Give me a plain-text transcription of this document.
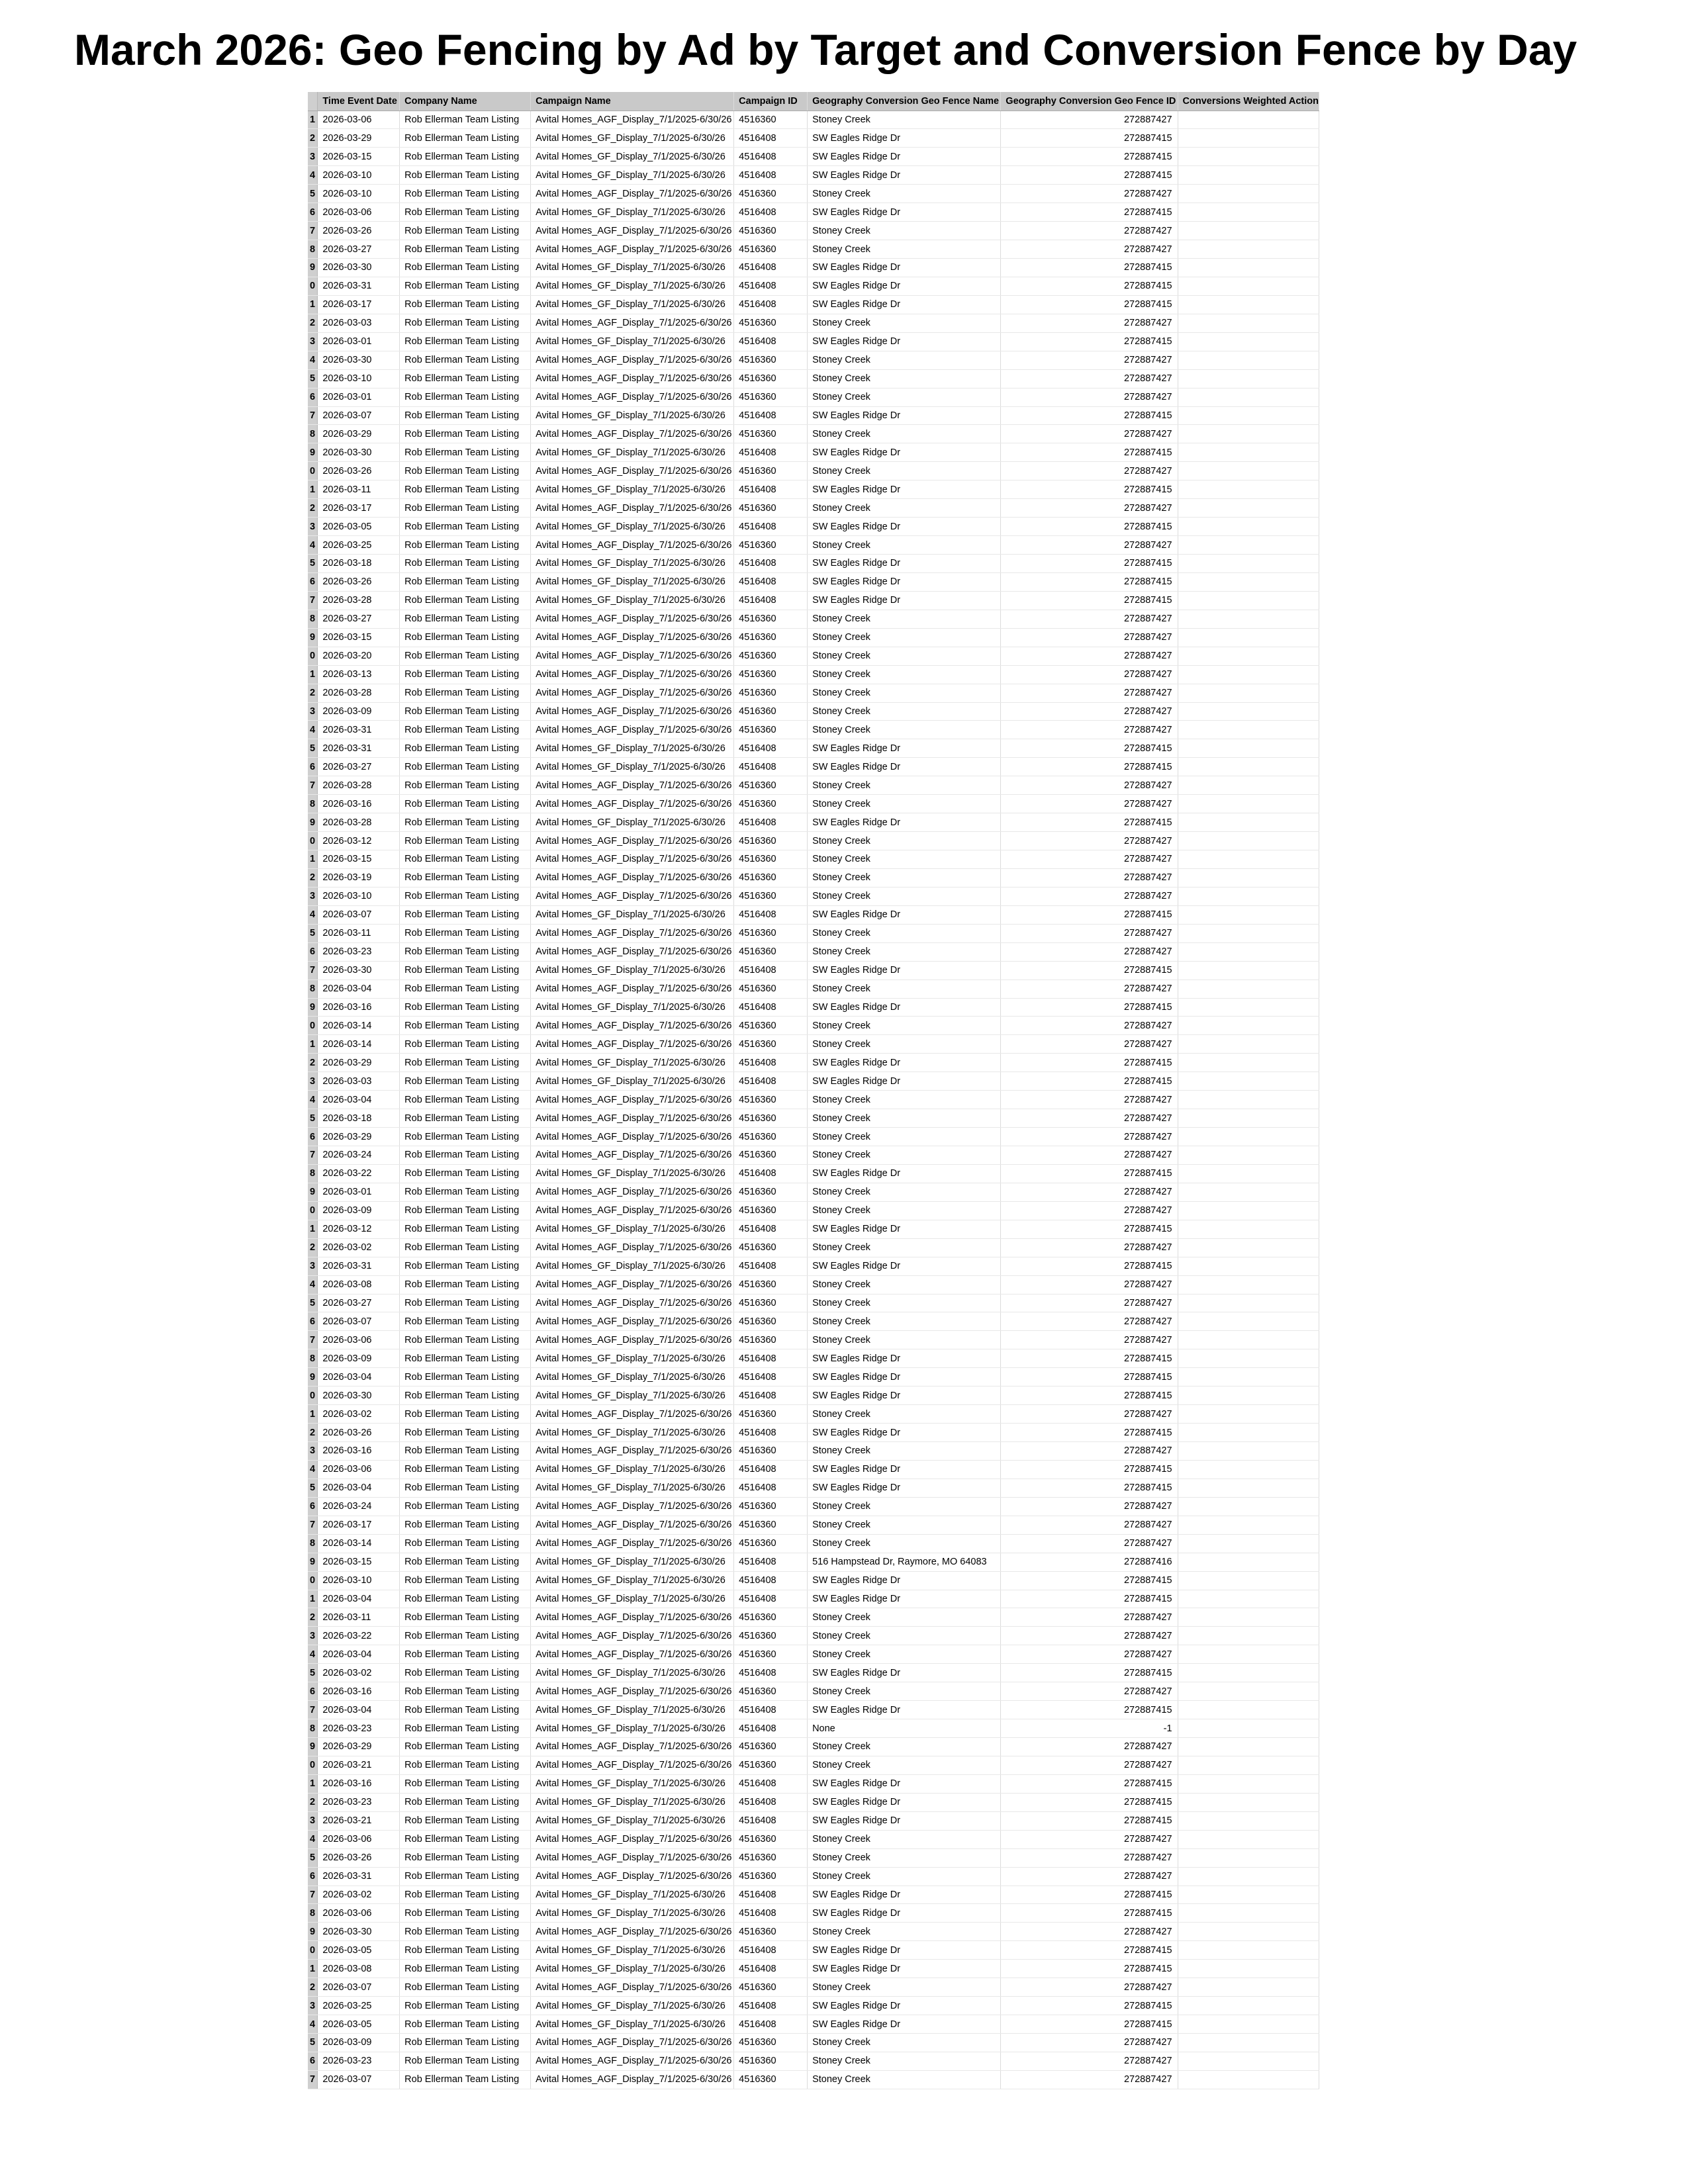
March 2026: Geo Fencing by Ad by Target and Conversion Fence by Day
	Time Event Date	Company Name	Campaign Name	Campaign ID	Geography Conversion Geo Fence Name	Geography Conversion Geo Fence ID	Conversions Weighted Action
1	2026-03-06	Rob Ellerman Team Listing	Avital Homes_AGF_Display_7/1/2025-6/30/26	4516360	Stoney Creek	272887427	
2	2026-03-29	Rob Ellerman Team Listing	Avital Homes_GF_Display_7/1/2025-6/30/26	4516408	SW Eagles Ridge Dr	272887415	
3	2026-03-15	Rob Ellerman Team Listing	Avital Homes_GF_Display_7/1/2025-6/30/26	4516408	SW Eagles Ridge Dr	272887415	
4	2026-03-10	Rob Ellerman Team Listing	Avital Homes_GF_Display_7/1/2025-6/30/26	4516408	SW Eagles Ridge Dr	272887415	
5	2026-03-10	Rob Ellerman Team Listing	Avital Homes_AGF_Display_7/1/2025-6/30/26	4516360	Stoney Creek	272887427	
6	2026-03-06	Rob Ellerman Team Listing	Avital Homes_GF_Display_7/1/2025-6/30/26	4516408	SW Eagles Ridge Dr	272887415	
7	2026-03-26	Rob Ellerman Team Listing	Avital Homes_AGF_Display_7/1/2025-6/30/26	4516360	Stoney Creek	272887427	
8	2026-03-27	Rob Ellerman Team Listing	Avital Homes_AGF_Display_7/1/2025-6/30/26	4516360	Stoney Creek	272887427	
9	2026-03-30	Rob Ellerman Team Listing	Avital Homes_GF_Display_7/1/2025-6/30/26	4516408	SW Eagles Ridge Dr	272887415	
0	2026-03-31	Rob Ellerman Team Listing	Avital Homes_GF_Display_7/1/2025-6/30/26	4516408	SW Eagles Ridge Dr	272887415	
1	2026-03-17	Rob Ellerman Team Listing	Avital Homes_GF_Display_7/1/2025-6/30/26	4516408	SW Eagles Ridge Dr	272887415	
2	2026-03-03	Rob Ellerman Team Listing	Avital Homes_AGF_Display_7/1/2025-6/30/26	4516360	Stoney Creek	272887427	
3	2026-03-01	Rob Ellerman Team Listing	Avital Homes_GF_Display_7/1/2025-6/30/26	4516408	SW Eagles Ridge Dr	272887415	
4	2026-03-30	Rob Ellerman Team Listing	Avital Homes_AGF_Display_7/1/2025-6/30/26	4516360	Stoney Creek	272887427	
5	2026-03-10	Rob Ellerman Team Listing	Avital Homes_AGF_Display_7/1/2025-6/30/26	4516360	Stoney Creek	272887427	
6	2026-03-01	Rob Ellerman Team Listing	Avital Homes_AGF_Display_7/1/2025-6/30/26	4516360	Stoney Creek	272887427	
7	2026-03-07	Rob Ellerman Team Listing	Avital Homes_GF_Display_7/1/2025-6/30/26	4516408	SW Eagles Ridge Dr	272887415	
8	2026-03-29	Rob Ellerman Team Listing	Avital Homes_AGF_Display_7/1/2025-6/30/26	4516360	Stoney Creek	272887427	
9	2026-03-30	Rob Ellerman Team Listing	Avital Homes_GF_Display_7/1/2025-6/30/26	4516408	SW Eagles Ridge Dr	272887415	
0	2026-03-26	Rob Ellerman Team Listing	Avital Homes_AGF_Display_7/1/2025-6/30/26	4516360	Stoney Creek	272887427	
1	2026-03-11	Rob Ellerman Team Listing	Avital Homes_GF_Display_7/1/2025-6/30/26	4516408	SW Eagles Ridge Dr	272887415	
2	2026-03-17	Rob Ellerman Team Listing	Avital Homes_AGF_Display_7/1/2025-6/30/26	4516360	Stoney Creek	272887427	
3	2026-03-05	Rob Ellerman Team Listing	Avital Homes_GF_Display_7/1/2025-6/30/26	4516408	SW Eagles Ridge Dr	272887415	
4	2026-03-25	Rob Ellerman Team Listing	Avital Homes_AGF_Display_7/1/2025-6/30/26	4516360	Stoney Creek	272887427	
5	2026-03-18	Rob Ellerman Team Listing	Avital Homes_GF_Display_7/1/2025-6/30/26	4516408	SW Eagles Ridge Dr	272887415	
6	2026-03-26	Rob Ellerman Team Listing	Avital Homes_GF_Display_7/1/2025-6/30/26	4516408	SW Eagles Ridge Dr	272887415	
7	2026-03-28	Rob Ellerman Team Listing	Avital Homes_GF_Display_7/1/2025-6/30/26	4516408	SW Eagles Ridge Dr	272887415	
8	2026-03-27	Rob Ellerman Team Listing	Avital Homes_AGF_Display_7/1/2025-6/30/26	4516360	Stoney Creek	272887427	
9	2026-03-15	Rob Ellerman Team Listing	Avital Homes_AGF_Display_7/1/2025-6/30/26	4516360	Stoney Creek	272887427	
0	2026-03-20	Rob Ellerman Team Listing	Avital Homes_AGF_Display_7/1/2025-6/30/26	4516360	Stoney Creek	272887427	
1	2026-03-13	Rob Ellerman Team Listing	Avital Homes_AGF_Display_7/1/2025-6/30/26	4516360	Stoney Creek	272887427	
2	2026-03-28	Rob Ellerman Team Listing	Avital Homes_AGF_Display_7/1/2025-6/30/26	4516360	Stoney Creek	272887427	
3	2026-03-09	Rob Ellerman Team Listing	Avital Homes_AGF_Display_7/1/2025-6/30/26	4516360	Stoney Creek	272887427	
4	2026-03-31	Rob Ellerman Team Listing	Avital Homes_AGF_Display_7/1/2025-6/30/26	4516360	Stoney Creek	272887427	
5	2026-03-31	Rob Ellerman Team Listing	Avital Homes_GF_Display_7/1/2025-6/30/26	4516408	SW Eagles Ridge Dr	272887415	
6	2026-03-27	Rob Ellerman Team Listing	Avital Homes_GF_Display_7/1/2025-6/30/26	4516408	SW Eagles Ridge Dr	272887415	
7	2026-03-28	Rob Ellerman Team Listing	Avital Homes_AGF_Display_7/1/2025-6/30/26	4516360	Stoney Creek	272887427	
8	2026-03-16	Rob Ellerman Team Listing	Avital Homes_AGF_Display_7/1/2025-6/30/26	4516360	Stoney Creek	272887427	
9	2026-03-28	Rob Ellerman Team Listing	Avital Homes_GF_Display_7/1/2025-6/30/26	4516408	SW Eagles Ridge Dr	272887415	
0	2026-03-12	Rob Ellerman Team Listing	Avital Homes_AGF_Display_7/1/2025-6/30/26	4516360	Stoney Creek	272887427	
1	2026-03-15	Rob Ellerman Team Listing	Avital Homes_AGF_Display_7/1/2025-6/30/26	4516360	Stoney Creek	272887427	
2	2026-03-19	Rob Ellerman Team Listing	Avital Homes_AGF_Display_7/1/2025-6/30/26	4516360	Stoney Creek	272887427	
3	2026-03-10	Rob Ellerman Team Listing	Avital Homes_AGF_Display_7/1/2025-6/30/26	4516360	Stoney Creek	272887427	
4	2026-03-07	Rob Ellerman Team Listing	Avital Homes_GF_Display_7/1/2025-6/30/26	4516408	SW Eagles Ridge Dr	272887415	
5	2026-03-11	Rob Ellerman Team Listing	Avital Homes_AGF_Display_7/1/2025-6/30/26	4516360	Stoney Creek	272887427	
6	2026-03-23	Rob Ellerman Team Listing	Avital Homes_AGF_Display_7/1/2025-6/30/26	4516360	Stoney Creek	272887427	
7	2026-03-30	Rob Ellerman Team Listing	Avital Homes_GF_Display_7/1/2025-6/30/26	4516408	SW Eagles Ridge Dr	272887415	
8	2026-03-04	Rob Ellerman Team Listing	Avital Homes_AGF_Display_7/1/2025-6/30/26	4516360	Stoney Creek	272887427	
9	2026-03-16	Rob Ellerman Team Listing	Avital Homes_GF_Display_7/1/2025-6/30/26	4516408	SW Eagles Ridge Dr	272887415	
0	2026-03-14	Rob Ellerman Team Listing	Avital Homes_AGF_Display_7/1/2025-6/30/26	4516360	Stoney Creek	272887427	
1	2026-03-14	Rob Ellerman Team Listing	Avital Homes_AGF_Display_7/1/2025-6/30/26	4516360	Stoney Creek	272887427	
2	2026-03-29	Rob Ellerman Team Listing	Avital Homes_GF_Display_7/1/2025-6/30/26	4516408	SW Eagles Ridge Dr	272887415	
3	2026-03-03	Rob Ellerman Team Listing	Avital Homes_GF_Display_7/1/2025-6/30/26	4516408	SW Eagles Ridge Dr	272887415	
4	2026-03-04	Rob Ellerman Team Listing	Avital Homes_AGF_Display_7/1/2025-6/30/26	4516360	Stoney Creek	272887427	
5	2026-03-18	Rob Ellerman Team Listing	Avital Homes_AGF_Display_7/1/2025-6/30/26	4516360	Stoney Creek	272887427	
6	2026-03-29	Rob Ellerman Team Listing	Avital Homes_AGF_Display_7/1/2025-6/30/26	4516360	Stoney Creek	272887427	
7	2026-03-24	Rob Ellerman Team Listing	Avital Homes_AGF_Display_7/1/2025-6/30/26	4516360	Stoney Creek	272887427	
8	2026-03-22	Rob Ellerman Team Listing	Avital Homes_GF_Display_7/1/2025-6/30/26	4516408	SW Eagles Ridge Dr	272887415	
9	2026-03-01	Rob Ellerman Team Listing	Avital Homes_AGF_Display_7/1/2025-6/30/26	4516360	Stoney Creek	272887427	
0	2026-03-09	Rob Ellerman Team Listing	Avital Homes_AGF_Display_7/1/2025-6/30/26	4516360	Stoney Creek	272887427	
1	2026-03-12	Rob Ellerman Team Listing	Avital Homes_GF_Display_7/1/2025-6/30/26	4516408	SW Eagles Ridge Dr	272887415	
2	2026-03-02	Rob Ellerman Team Listing	Avital Homes_AGF_Display_7/1/2025-6/30/26	4516360	Stoney Creek	272887427	
3	2026-03-31	Rob Ellerman Team Listing	Avital Homes_GF_Display_7/1/2025-6/30/26	4516408	SW Eagles Ridge Dr	272887415	
4	2026-03-08	Rob Ellerman Team Listing	Avital Homes_AGF_Display_7/1/2025-6/30/26	4516360	Stoney Creek	272887427	
5	2026-03-27	Rob Ellerman Team Listing	Avital Homes_AGF_Display_7/1/2025-6/30/26	4516360	Stoney Creek	272887427	
6	2026-03-07	Rob Ellerman Team Listing	Avital Homes_AGF_Display_7/1/2025-6/30/26	4516360	Stoney Creek	272887427	
7	2026-03-06	Rob Ellerman Team Listing	Avital Homes_AGF_Display_7/1/2025-6/30/26	4516360	Stoney Creek	272887427	
8	2026-03-09	Rob Ellerman Team Listing	Avital Homes_GF_Display_7/1/2025-6/30/26	4516408	SW Eagles Ridge Dr	272887415	
9	2026-03-04	Rob Ellerman Team Listing	Avital Homes_GF_Display_7/1/2025-6/30/26	4516408	SW Eagles Ridge Dr	272887415	
0	2026-03-30	Rob Ellerman Team Listing	Avital Homes_GF_Display_7/1/2025-6/30/26	4516408	SW Eagles Ridge Dr	272887415	
1	2026-03-02	Rob Ellerman Team Listing	Avital Homes_AGF_Display_7/1/2025-6/30/26	4516360	Stoney Creek	272887427	
2	2026-03-26	Rob Ellerman Team Listing	Avital Homes_GF_Display_7/1/2025-6/30/26	4516408	SW Eagles Ridge Dr	272887415	
3	2026-03-16	Rob Ellerman Team Listing	Avital Homes_AGF_Display_7/1/2025-6/30/26	4516360	Stoney Creek	272887427	
4	2026-03-06	Rob Ellerman Team Listing	Avital Homes_GF_Display_7/1/2025-6/30/26	4516408	SW Eagles Ridge Dr	272887415	
5	2026-03-04	Rob Ellerman Team Listing	Avital Homes_GF_Display_7/1/2025-6/30/26	4516408	SW Eagles Ridge Dr	272887415	
6	2026-03-24	Rob Ellerman Team Listing	Avital Homes_AGF_Display_7/1/2025-6/30/26	4516360	Stoney Creek	272887427	
7	2026-03-17	Rob Ellerman Team Listing	Avital Homes_AGF_Display_7/1/2025-6/30/26	4516360	Stoney Creek	272887427	
8	2026-03-14	Rob Ellerman Team Listing	Avital Homes_AGF_Display_7/1/2025-6/30/26	4516360	Stoney Creek	272887427	
9	2026-03-15	Rob Ellerman Team Listing	Avital Homes_GF_Display_7/1/2025-6/30/26	4516408	516 Hampstead Dr, Raymore, MO 64083	272887416	
0	2026-03-10	Rob Ellerman Team Listing	Avital Homes_GF_Display_7/1/2025-6/30/26	4516408	SW Eagles Ridge Dr	272887415	
1	2026-03-04	Rob Ellerman Team Listing	Avital Homes_GF_Display_7/1/2025-6/30/26	4516408	SW Eagles Ridge Dr	272887415	
2	2026-03-11	Rob Ellerman Team Listing	Avital Homes_AGF_Display_7/1/2025-6/30/26	4516360	Stoney Creek	272887427	
3	2026-03-22	Rob Ellerman Team Listing	Avital Homes_AGF_Display_7/1/2025-6/30/26	4516360	Stoney Creek	272887427	
4	2026-03-04	Rob Ellerman Team Listing	Avital Homes_AGF_Display_7/1/2025-6/30/26	4516360	Stoney Creek	272887427	
5	2026-03-02	Rob Ellerman Team Listing	Avital Homes_GF_Display_7/1/2025-6/30/26	4516408	SW Eagles Ridge Dr	272887415	
6	2026-03-16	Rob Ellerman Team Listing	Avital Homes_AGF_Display_7/1/2025-6/30/26	4516360	Stoney Creek	272887427	
7	2026-03-04	Rob Ellerman Team Listing	Avital Homes_GF_Display_7/1/2025-6/30/26	4516408	SW Eagles Ridge Dr	272887415	
8	2026-03-23	Rob Ellerman Team Listing	Avital Homes_GF_Display_7/1/2025-6/30/26	4516408	None	-1	
9	2026-03-29	Rob Ellerman Team Listing	Avital Homes_AGF_Display_7/1/2025-6/30/26	4516360	Stoney Creek	272887427	
0	2026-03-21	Rob Ellerman Team Listing	Avital Homes_AGF_Display_7/1/2025-6/30/26	4516360	Stoney Creek	272887427	
1	2026-03-16	Rob Ellerman Team Listing	Avital Homes_GF_Display_7/1/2025-6/30/26	4516408	SW Eagles Ridge Dr	272887415	
2	2026-03-23	Rob Ellerman Team Listing	Avital Homes_GF_Display_7/1/2025-6/30/26	4516408	SW Eagles Ridge Dr	272887415	
3	2026-03-21	Rob Ellerman Team Listing	Avital Homes_GF_Display_7/1/2025-6/30/26	4516408	SW Eagles Ridge Dr	272887415	
4	2026-03-06	Rob Ellerman Team Listing	Avital Homes_AGF_Display_7/1/2025-6/30/26	4516360	Stoney Creek	272887427	
5	2026-03-26	Rob Ellerman Team Listing	Avital Homes_AGF_Display_7/1/2025-6/30/26	4516360	Stoney Creek	272887427	
6	2026-03-31	Rob Ellerman Team Listing	Avital Homes_AGF_Display_7/1/2025-6/30/26	4516360	Stoney Creek	272887427	
7	2026-03-02	Rob Ellerman Team Listing	Avital Homes_GF_Display_7/1/2025-6/30/26	4516408	SW Eagles Ridge Dr	272887415	
8	2026-03-06	Rob Ellerman Team Listing	Avital Homes_GF_Display_7/1/2025-6/30/26	4516408	SW Eagles Ridge Dr	272887415	
9	2026-03-30	Rob Ellerman Team Listing	Avital Homes_AGF_Display_7/1/2025-6/30/26	4516360	Stoney Creek	272887427	
0	2026-03-05	Rob Ellerman Team Listing	Avital Homes_GF_Display_7/1/2025-6/30/26	4516408	SW Eagles Ridge Dr	272887415	
1	2026-03-08	Rob Ellerman Team Listing	Avital Homes_GF_Display_7/1/2025-6/30/26	4516408	SW Eagles Ridge Dr	272887415	
2	2026-03-07	Rob Ellerman Team Listing	Avital Homes_AGF_Display_7/1/2025-6/30/26	4516360	Stoney Creek	272887427	
3	2026-03-25	Rob Ellerman Team Listing	Avital Homes_GF_Display_7/1/2025-6/30/26	4516408	SW Eagles Ridge Dr	272887415	
4	2026-03-05	Rob Ellerman Team Listing	Avital Homes_GF_Display_7/1/2025-6/30/26	4516408	SW Eagles Ridge Dr	272887415	
5	2026-03-09	Rob Ellerman Team Listing	Avital Homes_AGF_Display_7/1/2025-6/30/26	4516360	Stoney Creek	272887427	
6	2026-03-23	Rob Ellerman Team Listing	Avital Homes_AGF_Display_7/1/2025-6/30/26	4516360	Stoney Creek	272887427	
7	2026-03-07	Rob Ellerman Team Listing	Avital Homes_AGF_Display_7/1/2025-6/30/26	4516360	Stoney Creek	272887427	
